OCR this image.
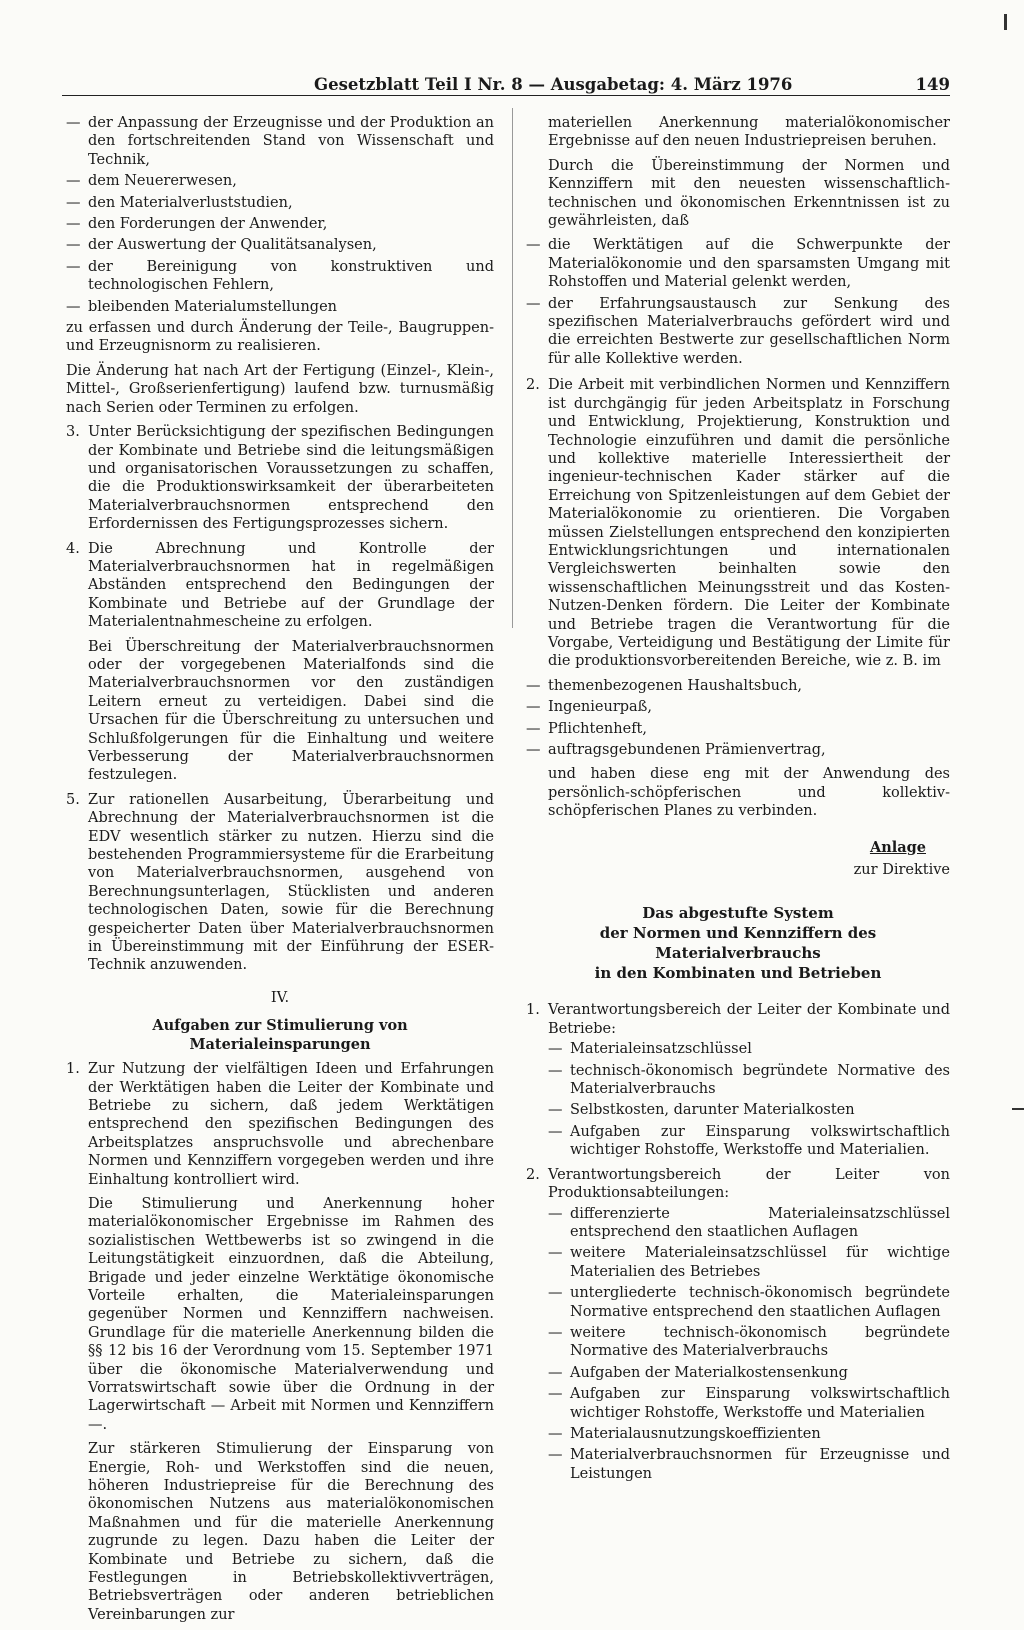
Gesetzblatt Teil I Nr. 8 — Ausgabetag: 4. März 1976	149
— der Anpassung der Erzeugnisse und der Produktion an den fortschreitenden Stand von Wissenschaft und Technik,
— dem Neuererwesen,
— den Materialverluststudien,
— den Forderungen der Anwender,
— der Auswertung der Qualitätsanalysen,
— der Bereinigung von konstruktiven und technologischen Fehlern,
— bleibenden Materialumstellungen

zu erfassen und durch Änderung der Teile-, Baugruppen- und Erzeugnisnorm zu realisieren.

Die Änderung hat nach Art der Fertigung (Einzel-, Klein-, Mittel-, Großserienfertigung) laufend bzw. turnusmäßig nach Serien oder Terminen zu erfolgen.

3. Unter Berücksichtigung der spezifischen Bedingungen der Kombinate und Betriebe sind die leitungsmäßigen und organisatorischen Voraussetzungen zu schaffen, die die Produktionswirksamkeit der überarbeiteten Materialverbrauchsnormen entsprechend den Erfordernissen des Fertigungsprozesses sichern.

4. Die Abrechnung und Kontrolle der Materialverbrauchsnormen hat in regelmäßigen Abständen entsprechend den Bedingungen der Kombinate und Betriebe auf der Grundlage der Materialentnahmescheine zu erfolgen.

Bei Überschreitung der Materialverbrauchsnormen oder der vorgegebenen Materialfonds sind die Materialverbrauchsnormen vor den zuständigen Leitern erneut zu verteidigen. Dabei sind die Ursachen für die Überschreitung zu untersuchen und Schlußfolgerungen für die Einhaltung und weitere Verbesserung der Materialverbrauchsnormen festzulegen.

5. Zur rationellen Ausarbeitung, Überarbeitung und Abrechnung der Materialverbrauchsnormen ist die EDV wesentlich stärker zu nutzen. Hierzu sind die bestehenden Programmiersysteme für die Erarbeitung von Materialverbrauchsnormen, ausgehend von Berechnungsunterlagen, Stücklisten und anderen technologischen Daten, sowie für die Berechnung gespeicherter Daten über Materialverbrauchsnormen in Übereinstimmung mit der Einführung der ESER-Technik anzuwenden.

IV.
Aufgaben zur Stimulierung von Materialeinsparungen
1. Zur Nutzung der vielfältigen Ideen und Erfahrungen der Werktätigen haben die Leiter der Kombinate und Betriebe zu sichern, daß jedem Werktätigen entsprechend den spezifischen Bedingungen des Arbeitsplatzes anspruchsvolle und abrechenbare Normen und Kennziffern vorgegeben werden und ihre Einhaltung kontrolliert wird.

Die Stimulierung und Anerkennung hoher materialökonomischer Ergebnisse im Rahmen des sozialistischen Wettbewerbs ist so zwingend in die Leitungstätigkeit einzuordnen, daß die Abteilung, Brigade und jeder einzelne Werktätige ökonomische Vorteile erhalten, die Materialeinsparungen gegenüber Normen und Kennziffern nachweisen. Grundlage für die materielle Anerkennung bilden die §§ 12 bis 16 der Verordnung vom 15. September 1971 über die ökonomische Materialverwendung und Vorratswirtschaft sowie über die Ordnung in der Lagerwirtschaft — Arbeit mit Normen und Kennziffern —.

Zur stärkeren Stimulierung der Einsparung von Energie, Roh- und Werkstoffen sind die neuen, höheren Industriepreise für die Berechnung des ökonomischen Nutzens aus materialökonomischen Maßnahmen und für die materielle Anerkennung zugrunde zu legen. Dazu haben die Leiter der Kombinate und Betriebe zu sichern, daß die Festlegungen in Betriebskollektivverträgen, Betriebsverträgen oder anderen betrieblichen Vereinbarungen zur

materiellen Anerkennung materialökonomischer Ergebnisse auf den neuen Industriepreisen beruhen.

Durch die Übereinstimmung der Normen und Kennziffern mit den neuesten wissenschaftlich-technischen und ökonomischen Erkenntnissen ist zu gewährleisten, daß

— die Werktätigen auf die Schwerpunkte der Materialökonomie und den sparsamsten Umgang mit Rohstoffen und Material gelenkt werden,
— der Erfahrungsaustausch zur Senkung des spezifischen Materialverbrauchs gefördert wird und die erreichten Bestwerte zur gesellschaftlichen Norm für alle Kollektive werden.
2. Die Arbeit mit verbindlichen Normen und Kennziffern ist durchgängig für jeden Arbeitsplatz in Forschung und Entwicklung, Projektierung, Konstruktion und Technologie einzuführen und damit die persönliche und kollektive materielle Interessiertheit der ingenieur-technischen Kader stärker auf die Erreichung von Spitzenleistungen auf dem Gebiet der Materialökonomie zu orientieren. Die Vorgaben müssen Zielstellungen entsprechend den konzipierten Entwicklungsrichtungen und internationalen Vergleichswerten beinhalten sowie den wissenschaftlichen Meinungsstreit und das Kosten-Nutzen-Denken fördern. Die Leiter der Kombinate und Betriebe tragen die Verantwortung für die Vorgabe, Verteidigung und Bestätigung der Limite für die produktionsvorbereitenden Bereiche, wie z. B. im

— themenbezogenen Haushaltsbuch,
— Ingenieurpaß,
— Pflichtenheft,
— auftragsgebundenen Prämienvertrag,

und haben diese eng mit der Anwendung des persönlich-schöpferischen und kollektiv-schöpferischen Planes zu verbinden.

Anlage
zur Direktive
Das abgestufte System
der Normen und Kennziffern des Materialverbrauchs
in den Kombinaten und Betrieben
1. Verantwortungsbereich der Leiter der Kombinate und Betriebe:

— Materialeinsatzschlüssel
— technisch-ökonomisch begründete Normative des Materialverbrauchs
— Selbstkosten, darunter Materialkosten
— Aufgaben zur Einsparung volkswirtschaftlich wichtiger Rohstoffe, Werkstoffe und Materialien.
2. Verantwortungsbereich der Leiter von Produktionsabteilungen:

— differenzierte Materialeinsatzschlüssel entsprechend den staatlichen Auflagen
— weitere Materialeinsatzschlüssel für wichtige Materialien des Betriebes
— untergliederte technisch-ökonomisch begründete Normative entsprechend den staatlichen Auflagen
— weitere technisch-ökonomisch begründete Normative des Materialverbrauchs
— Aufgaben der Materialkostensenkung
— Aufgaben zur Einsparung volkswirtschaftlich wichtiger Rohstoffe, Werkstoffe und Materialien
— Materialausnutzungskoeffizienten
— Materialverbrauchsnormen für Erzeugnisse und Leistungen
